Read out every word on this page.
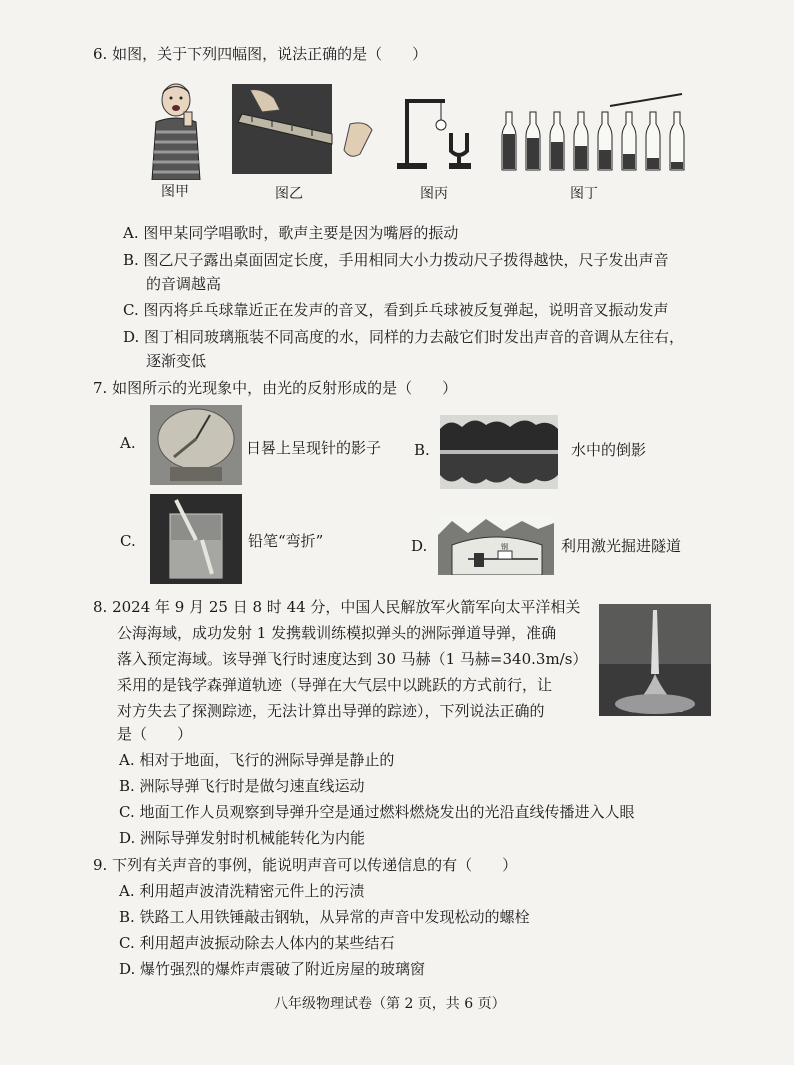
6. 如图，关于下列四幅图，说法正确的是（　　）
图甲	图乙	图丙	图丁
A. 图甲某同学唱歌时，歌声主要是因为嘴唇的振动
B. 图乙尺子露出桌面固定长度，手用相同大小力拨动尺子拨得越快，尺子发出声音
的音调越高
C. 图丙将乒乓球靠近正在发声的音叉，看到乒乓球被反复弹起，说明音叉振动发声
D. 图丁相同玻璃瓶装不同高度的水，同样的力去敲它们时发出声音的音调从左往右，
逐渐变低
7. 如图所示的光现象中，由光的反射形成的是（　　）
A.	日晷上呈现针的影子 B.	水中的倒影
C.	铅笔“弯折”	D.	钢	利用激光掘进隧道
8. 2024 年 9 月 25 日 8 时 44 分，中国人民解放军火箭军向太平洋相关
公海海域，成功发射 1 发携载训练模拟弹头的洲际弹道导弹，准确
落入预定海域。该导弹飞行时速度达到 30 马赫（1 马赫=340.3m/s）
采用的是钱学森弹道轨迹（导弹在大气层中以跳跃的方式前行，让
对方失去了探测踪迹，无法计算出导弹的踪迹），下列说法正确的
是（　　）
A. 相对于地面，飞行的洲际导弹是静止的
B. 洲际导弹飞行时是做匀速直线运动
C. 地面工作人员观察到导弹升空是通过燃料燃烧发出的光沿直线传播进入人眼
D. 洲际导弹发射时机械能转化为内能
9. 下列有关声音的事例，能说明声音可以传递信息的有（　　）
A. 利用超声波清洗精密元件上的污渍
B. 铁路工人用铁锤敲击钢轨，从异常的声音中发现松动的螺栓
C. 利用超声波振动除去人体内的某些结石
D. 爆竹强烈的爆炸声震破了附近房屋的玻璃窗
八年级物理试卷（第 2 页，共 6 页）
